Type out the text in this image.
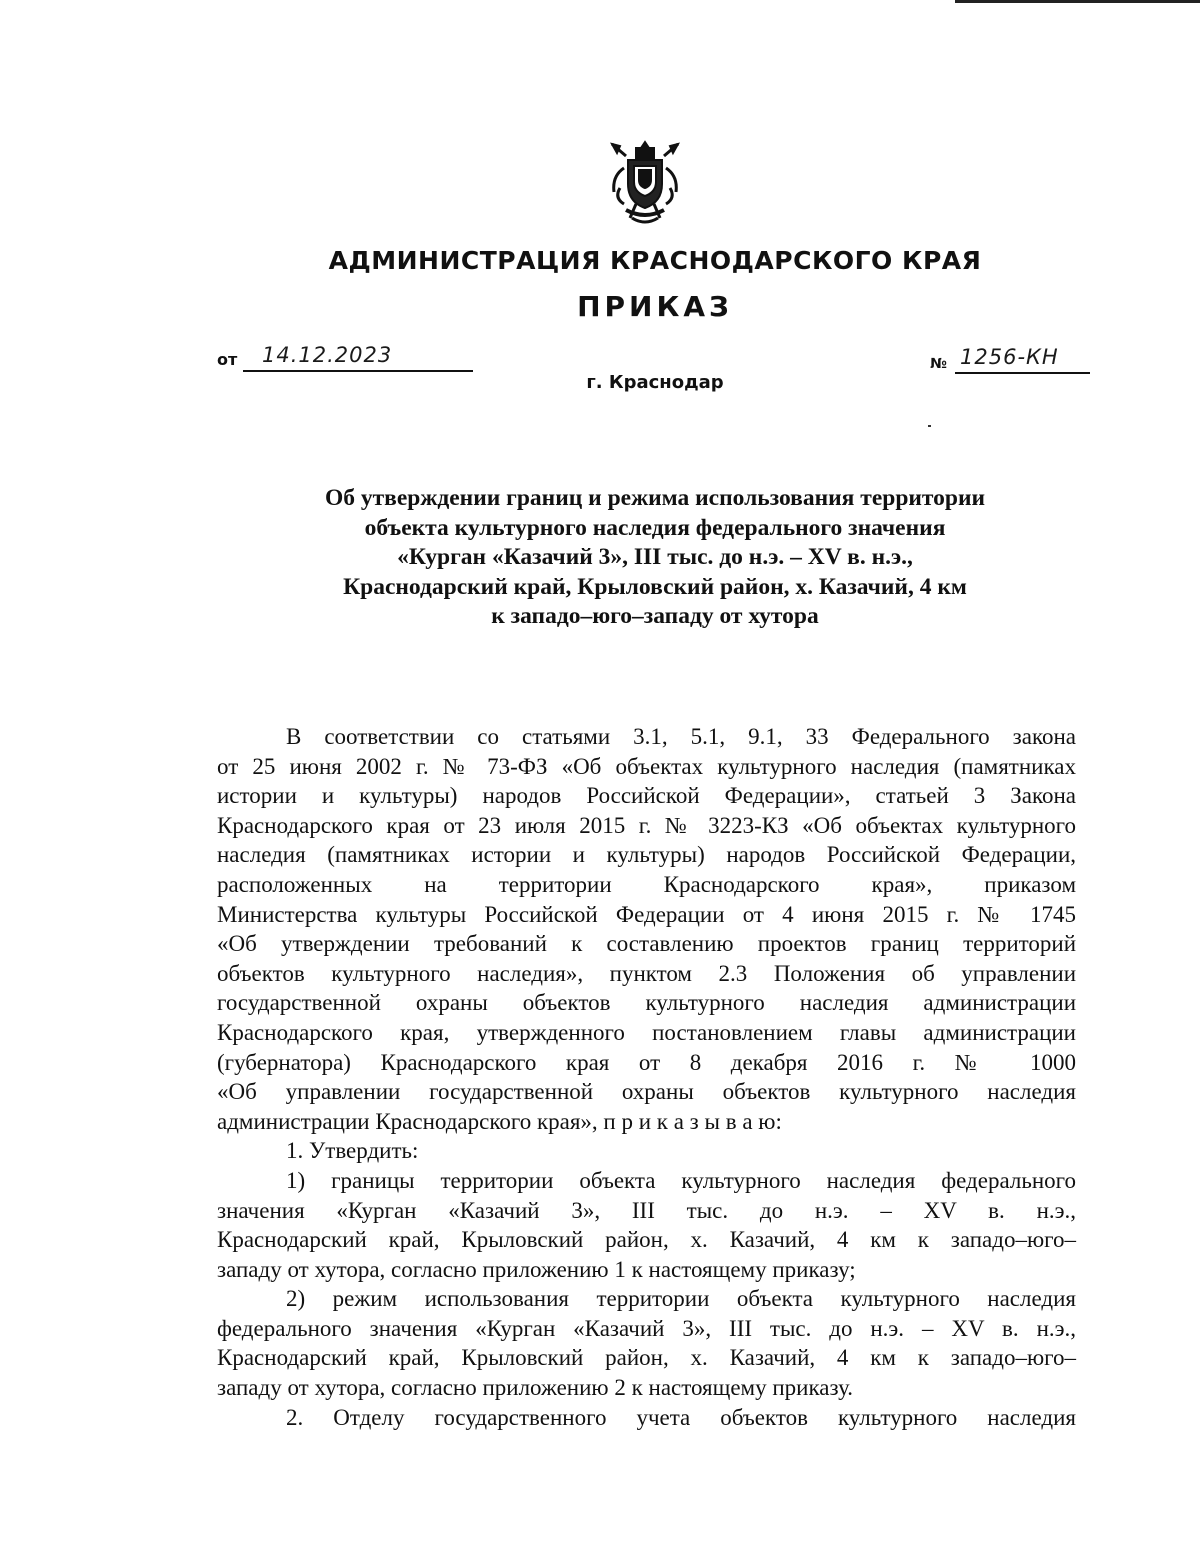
АДМИНИСТРАЦИЯ КРАСНОДАРСКОГО КРАЯ
ПРИКАЗ
от 14.12.2023	№ 1256-КН
г. Краснодар
Об утверждении границ и режима использования территории
объекта культурного наследия федерального значения
«Курган «Казачий 3», III тыс. до н.э. – XV в. н.э.,
Краснодарский край, Крыловский район, х. Казачий, 4 км
к западо–юго–западу от хутора
В соответствии со статьями 3.1, 5.1, 9.1, 33 Федерального закона
от 25 июня 2002 г. № 73-ФЗ «Об объектах культурного наследия (памятниках
истории и культуры) народов Российской Федерации», статьей 3 Закона
Краснодарского края от 23 июля 2015 г. № 3223-КЗ «Об объектах культурного
наследия (памятниках истории и культуры) народов Российской Федерации,
расположенных на территории Краснодарского края», приказом
Министерства культуры Российской Федерации от 4 июня 2015 г. № 1745
«Об утверждении требований к составлению проектов границ территорий
объектов культурного наследия», пунктом 2.3 Положения об управлении
государственной охраны объектов культурного наследия администрации
Краснодарского края, утвержденного постановлением главы администрации
(губернатора) Краснодарского края от 8 декабря 2016 г. № 1000
«Об управлении государственной охраны объектов культурного наследия
администрации Краснодарского края», п р и к а з ы в а ю:
1. Утвердить:
1) границы территории объекта культурного наследия федерального
значения «Курган «Казачий 3», III тыс. до н.э. – XV в. н.э.,
Краснодарский край, Крыловский район, х. Казачий, 4 км к западо–юго–
западу от хутора, согласно приложению 1 к настоящему приказу;
2) режим использования территории объекта культурного наследия
федерального значения «Курган «Казачий 3», III тыс. до н.э. – XV в. н.э.,
Краснодарский край, Крыловский район, х. Казачий, 4 км к западо–юго–
западу от хутора, согласно приложению 2 к настоящему приказу.
2. Отделу государственного учета объектов культурного наследия
